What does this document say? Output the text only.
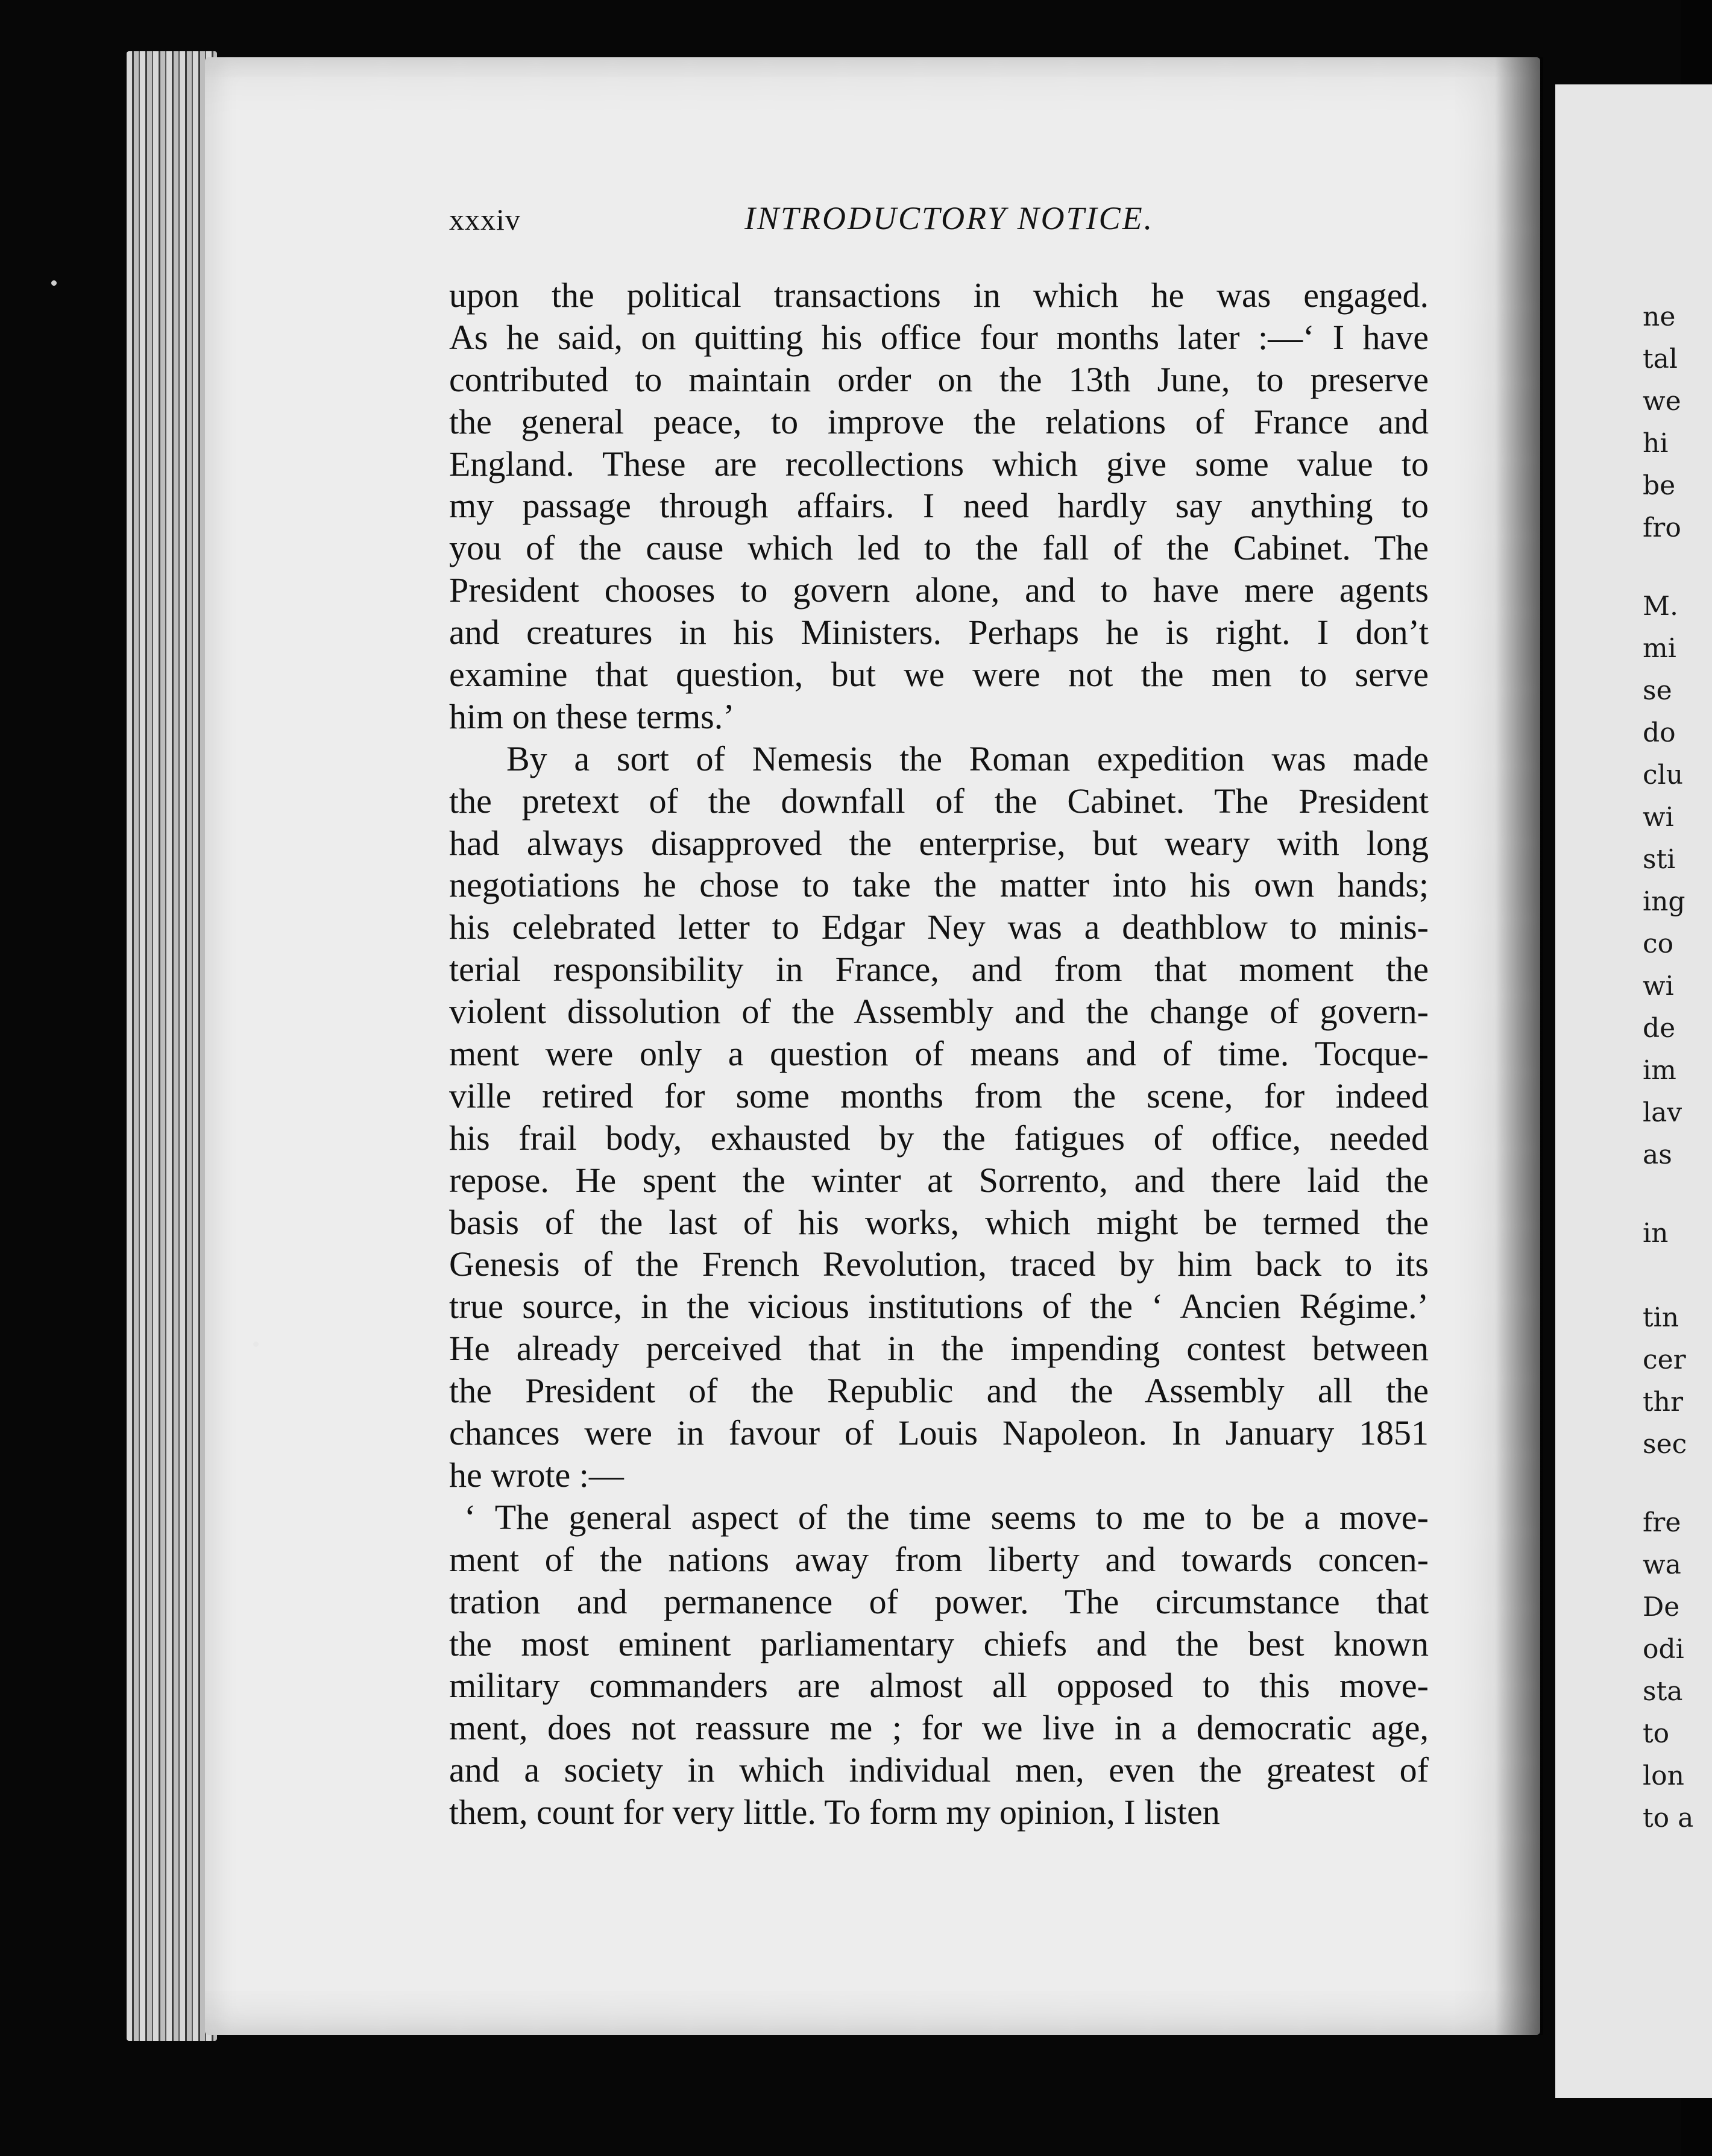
ne
tal
we
hi
be
fro
M.
mi
se
do
clu
wi
sti
ing
co
wi
de
im
lav
as
in
tin
cer
thr
sec
fre
wa
De
odi
sta
to
lon
to a
xxxiv	INTRODUCTORY NOTICE.
upon the political transactions in which he was engaged.
As he said, on quitting his office four months later :—‘ I have
contributed to maintain order on the 13th June, to preserve
the general peace, to improve the relations of France and
England. These are recollections which give some value to
my passage through affairs. I need hardly say anything to
you of the cause which led to the fall of the Cabinet. The
President chooses to govern alone, and to have mere agents
and creatures in his Ministers. Perhaps he is right. I don’t
examine that question, but we were not the men to serve
him on these terms.’
By a sort of Nemesis the Roman expedition was made
the pretext of the downfall of the Cabinet. The President
had always disapproved the enterprise, but weary with long
negotiations he chose to take the matter into his own hands;
his celebrated letter to Edgar Ney was a deathblow to minis-
terial responsibility in France, and from that moment the
violent dissolution of the Assembly and the change of govern-
ment were only a question of means and of time. Tocque-
ville retired for some months from the scene, for indeed
his frail body, exhausted by the fatigues of office, needed
repose. He spent the winter at Sorrento, and there laid the
basis of the last of his works, which might be termed the
Genesis of the French Revolution, traced by him back to its
true source, in the vicious institutions of the ‘ Ancien Régime.’
He already perceived that in the impending contest between
the President of the Republic and the Assembly all the
chances were in favour of Louis Napoleon. In January 1851
he wrote :—
‘ The general aspect of the time seems to me to be a move-
ment of the nations away from liberty and towards concen-
tration and permanence of power. The circumstance that
the most eminent parliamentary chiefs and the best known
military commanders are almost all opposed to this move-
ment, does not reassure me ; for we live in a democratic age,
and a society in which individual men, even the greatest of
them, count for very little. To form my opinion, I listen
